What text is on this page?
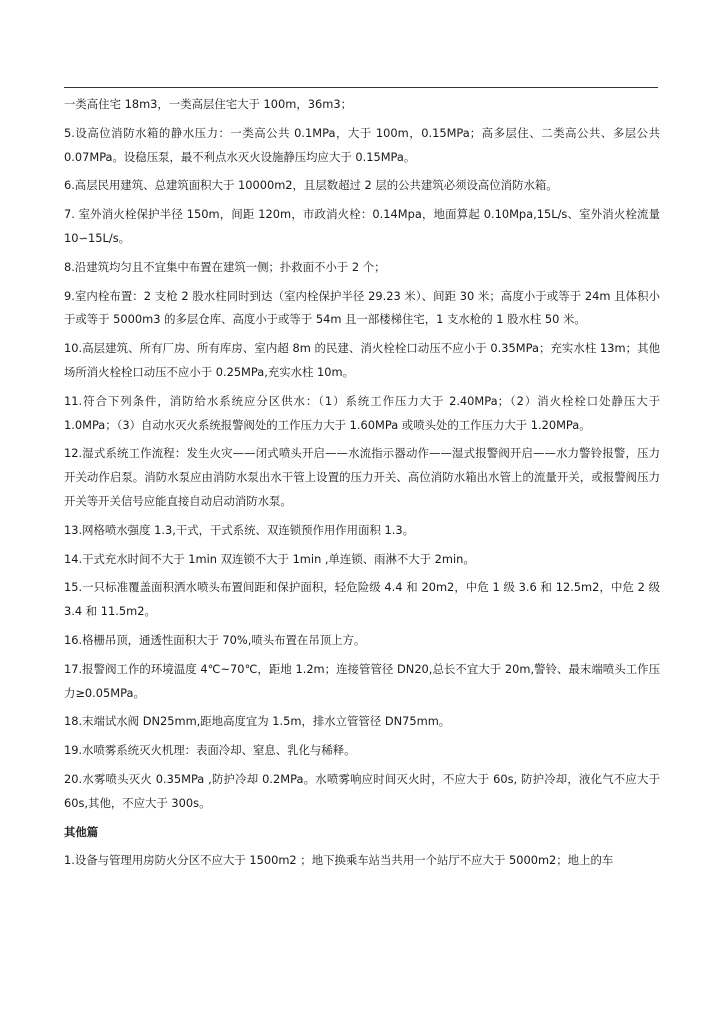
一类高住宅 18m3，一类高层住宅大于 100m，36m3；

5.设高位消防水箱的静水压力：一类高公共 0.1MPa，大于 100m，0.15MPa；高多层住、二类高公共、多层公共 0.07MPa。设稳压泵，最不利点水灭火设施静压均应大于 0.15MPa。

6.高层民用建筑、总建筑面积大于 10000m2，且层数超过 2 层的公共建筑必须设高位消防水箱。

7. 室外消火栓保护半径 150m，间距 120m，市政消火栓：0.14Mpa，地面算起 0.10Mpa,15L/s、室外消火栓流量 10∽15L/s。

8.沿建筑均匀且不宜集中布置在建筑一侧；扑救面不小于 2 个；

9.室内栓布置：2 支枪 2 股水柱同时到达（室内栓保护半径 29.23 米）、间距 30 米；高度小于或等于 24m 且体积小于或等于 5000m3 的多层仓库、高度小于或等于 54m 且一部楼梯住宅，1 支水枪的 1 股水柱 50 米。

10.高层建筑、所有厂房、所有库房、室内超 8m 的民建、消火栓栓口动压不应小于 0.35MPa；充实水柱 13m；其他场所消火栓栓口动压不应小于 0.25MPa,充实水柱 10m。

11.符合下列条件，消防给水系统应分区供水：（1）系统工作压力大于 2.40MPa；（2）消火栓栓口处静压大于 1.0MPa；（3）自动水灭火系统报警阀处的工作压力大于 1.60MPa 或喷头处的工作压力大于 1.20MPa。

12.湿式系统工作流程：发生火灾——闭式喷头开启——水流指示器动作——湿式报警阀开启——水力警铃报警，压力开关动作启泵。消防水泵应由消防水泵出水干管上设置的压力开关、高位消防水箱出水管上的流量开关，或报警阀压力开关等开关信号应能直接自动启动消防水泵。

13.网格喷水强度 1.3,干式，干式系统、双连锁预作用作用面积 1.3。

14.干式充水时间不大于 1min 双连锁不大于 1min ,单连锁、雨淋不大于 2min。

15.一只标准覆盖面积洒水喷头布置间距和保护面积，轻危险级 4.4 和 20m2，中危 1 级 3.6 和 12.5m2，中危 2 级 3.4 和 11.5m2。

16.格栅吊顶，通透性面积大于 70%,喷头布置在吊顶上方。

17.报警阀工作的环境温度 4℃~70℃，距地 1.2m；连接管管径 DN20,总长不宜大于 20m,警铃、最末端喷头工作压力≥0.05MPa。

18.末端试水阀 DN25mm,距地高度宜为 1.5m，排水立管管径 DN75mm。

19.水喷雾系统灭火机理：表面冷却、窒息、乳化与稀释。

20.水雾喷头灭火 0.35MPa ,防护冷却 0.2MPa。水喷雾响应时间灭火时，不应大于 60s, 防护冷却，液化气不应大于 60s,其他，不应大于 300s。

其他篇

1.设备与管理用房防火分区不应大于 1500m2 ；地下换乘车站当共用一个站厅不应大于 5000m2；地上的车
